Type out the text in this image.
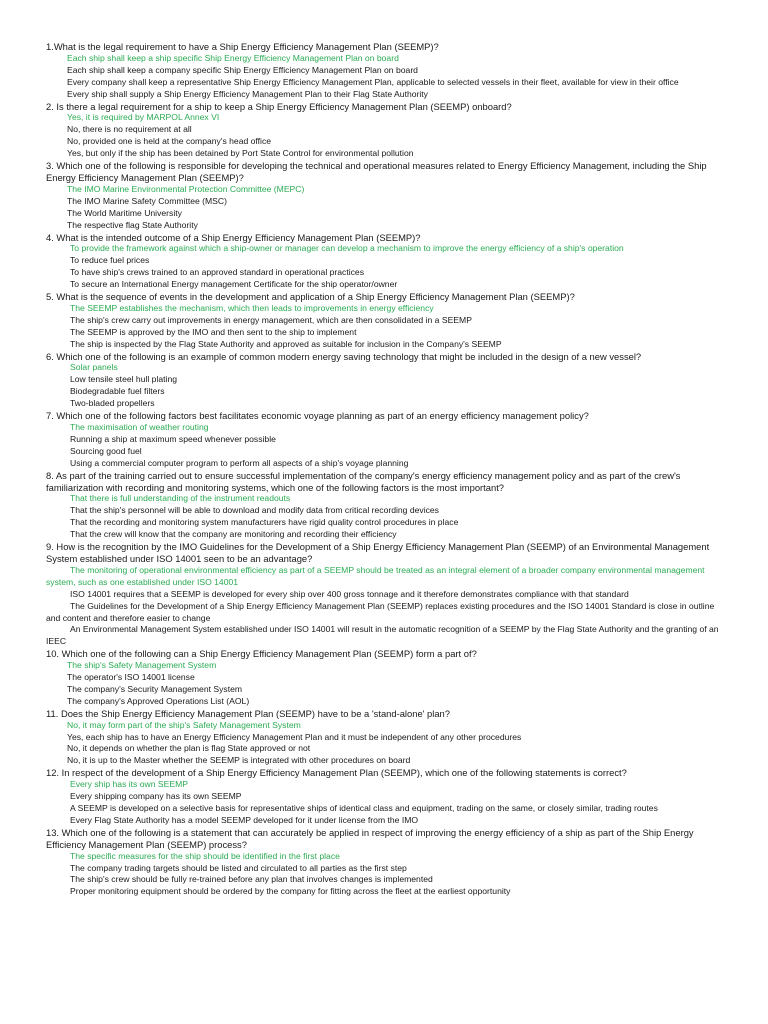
1.What is the legal requirement to have a Ship Energy Efficiency Management Plan (SEEMP)?
Each ship shall keep a ship specific Ship Energy Efficiency Management Plan on board
Each ship shall keep a company specific Ship Energy Efficiency Management Plan on board
Every company shall keep a representative Ship Energy Efficiency Management Plan, applicable to selected vessels in their fleet, available for view in their office
Every ship shall supply a Ship Energy Efficiency Management Plan to their Flag State Authority
2. Is there a legal requirement for a ship to keep a Ship Energy Efficiency Management Plan (SEEMP) onboard?
Yes, it is required by MARPOL Annex VI
No, there is no requirement at all
No, provided one is held at the company's head office
Yes, but only if the ship has been detained by Port State Control for environmental pollution
3. Which one of the following is responsible for developing the technical and operational measures related to Energy Efficiency Management, including the Ship Energy Efficiency Management Plan (SEEMP)?
The IMO Marine Environmental Protection Committee (MEPC)
The IMO Marine Safety Committee (MSC)
The World Maritime University
The respective flag State Authority
4. What is the intended outcome of a Ship Energy Efficiency Management Plan (SEEMP)?
To provide the framework against which a ship-owner or manager can develop a mechanism to improve the energy efficiency of a ship's operation
To reduce fuel prices
To have ship's crews trained to an approved standard in operational practices
To secure an International Energy management Certificate for the ship operator/owner
5. What is the sequence of events in the development and application of a Ship Energy Efficiency Management Plan (SEEMP)?
The SEEMP establishes the mechanism, which then leads to improvements in energy efficiency
The ship's crew carry out improvements in energy management, which are then consolidated in a SEEMP
The SEEMP is approved by the IMO and then sent to the ship to implement
The ship is inspected by the Flag State Authority and approved as suitable for inclusion in the Company's SEEMP
6. Which one of the following is an example of common modern energy saving technology that might be included in the design of a new vessel?
Solar panels
Low tensile steel hull plating
Biodegradable fuel filters
Two-bladed propellers
7. Which one of the following factors best facilitates economic voyage planning as part of an energy efficiency management policy?
The maximisation of weather routing
Running a ship at maximum speed whenever possible
Sourcing good fuel
Using a commercial computer program to perform all aspects of a ship's voyage planning
8. As part of the training carried out to ensure successful implementation of the company's energy efficiency management policy and as part of the crew's familiarization with recording and monitoring systems, which one of the following factors is the most important?
That there is full understanding of the instrument readouts
That the ship's personnel will be able to download and modify data from critical recording devices
That the recording and monitoring system manufacturers have rigid quality control procedures in place
That the crew will know that the company are monitoring and recording their efficiency
9. How is the recognition by the IMO Guidelines for the Development of a Ship Energy Efficiency Management Plan (SEEMP) of an Environmental Management System established under ISO 14001 seen to be an advantage?
The monitoring of operational environmental efficiency as part of a SEEMP should be treated as an integral element of a broader company environmental management system, such as one established under ISO 14001
ISO 14001 requires that a SEEMP is developed for every ship over 400 gross tonnage and it therefore demonstrates compliance with that standard
The Guidelines for the Development of a Ship Energy Efficiency Management Plan (SEEMP) replaces existing procedures and the ISO 14001 Standard is close in outline and content and therefore easier to change
An Environmental Management System established under ISO 14001 will result in the automatic recognition of a SEEMP by the Flag State Authority and the granting of an IEEC
10. Which one of the following can a Ship Energy Efficiency Management Plan (SEEMP) form a part of?
The ship's Safety Management System
The operator's ISO 14001 license
The company's Security Management System
The company's Approved Operations List (AOL)
11. Does the Ship Energy Efficiency Management Plan (SEEMP) have to be a 'stand-alone' plan?
No, it may form part of the ship's Safety Management System
Yes, each ship has to have an Energy Efficiency Management Plan and it must be independent of any other procedures
No, it depends on whether the plan is flag State approved or not
No, it is up to the Master whether the SEEMP is integrated with other procedures on board
12. In respect of the development of a Ship Energy Efficiency Management Plan (SEEMP), which one of the following statements is correct?
Every ship has its own SEEMP
Every shipping company has its own SEEMP
A SEEMP is developed on a selective basis for representative ships of identical class and equipment, trading on the same, or closely similar, trading routes
Every Flag State Authority has a model SEEMP developed for it under license from the IMO
13. Which one of the following is a statement that can accurately be applied in respect of improving the energy efficiency of a ship as part of the Ship Energy Efficiency Management Plan (SEEMP) process?
The specific measures for the ship should be identified in the first place
The company trading targets should be listed and circulated to all parties as the first step
The ship's crew should be fully re-trained before any plan that involves changes is implemented
Proper monitoring equipment should be ordered by the company for fitting across the fleet at the earliest opportunity
